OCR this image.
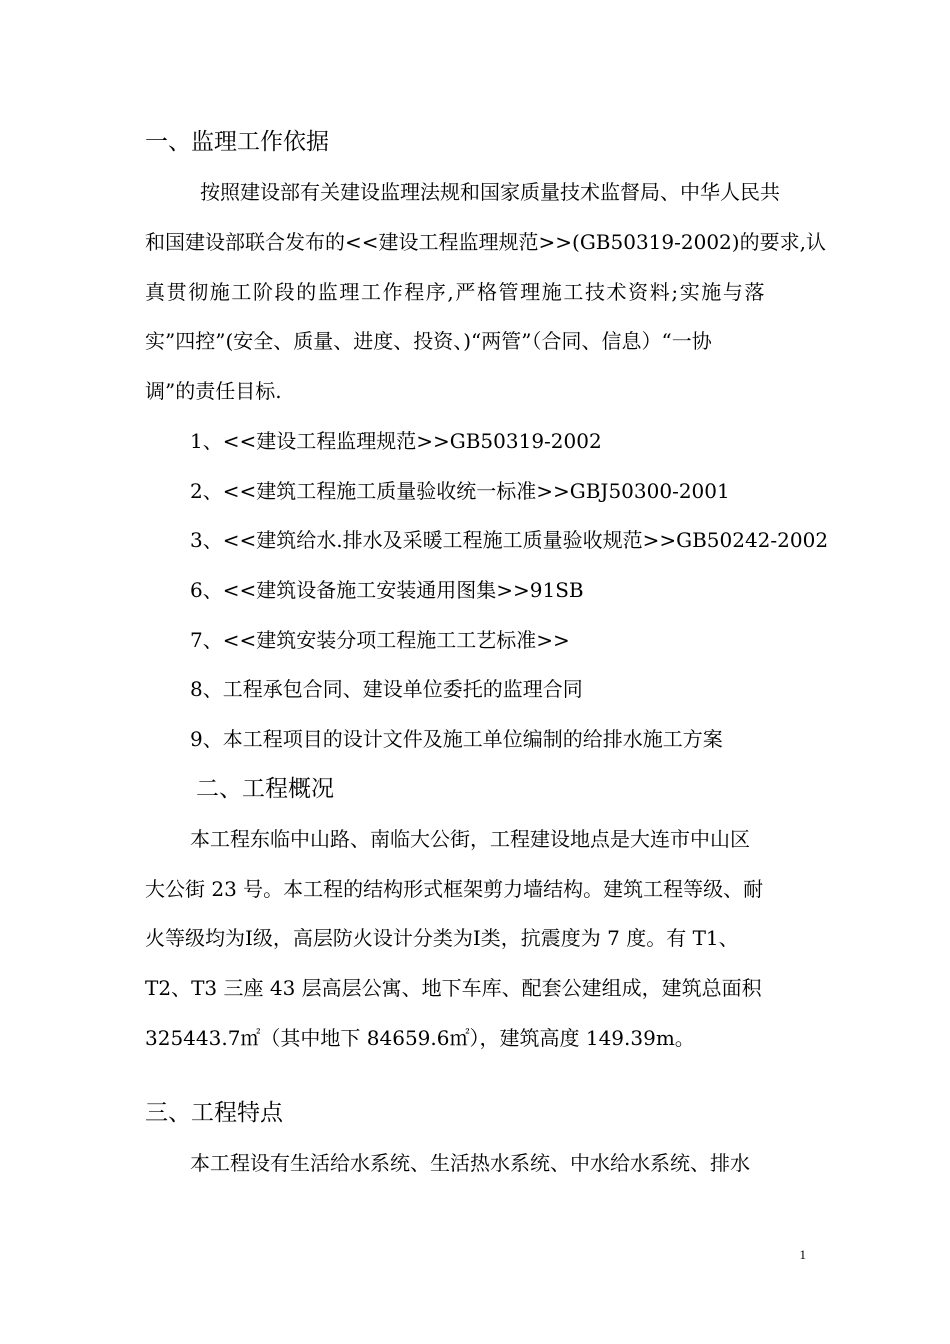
一、监理工作依据

按照建设部有关建设监理法规和国家质量技术监督局、中华人民共

和国建设部联合发布的<<建设工程监理规范>>(GB50319-2002)的要求,认

真贯彻施工阶段的监理工作程序,严格管理施工技术资料;实施与落

实”四控”(安全、质量、进度、投资、)“两管”（合同、信息）“一协

调”的责任目标.

1、<<建设工程监理规范>>GB50319-2002

2、<<建筑工程施工质量验收统一标准>>GBJ50300-2001

3、<<建筑给水.排水及采暖工程施工质量验收规范>>GB50242-2002

6、<<建筑设备施工安装通用图集>>91SB

7、<<建筑安装分项工程施工工艺标准>>

8、工程承包合同、建设单位委托的监理合同

9、本工程项目的设计文件及施工单位编制的给排水施工方案

二、工程概况

本工程东临中山路、南临大公街，工程建设地点是大连市中山区

大公街 23 号。本工程的结构形式框架剪力墙结构。建筑工程等级、耐

火等级均为Ⅰ级，高层防火设计分类为Ⅰ类，抗震度为 7 度。有 T1、

T2、T3 三座 43 层高层公寓、地下车库、配套公建组成，建筑总面积

325443.7㎡（其中地下 84659.6㎡），建筑高度 149.39m。

三、工程特点

本工程设有生活给水系统、生活热水系统、中水给水系统、排水

1
